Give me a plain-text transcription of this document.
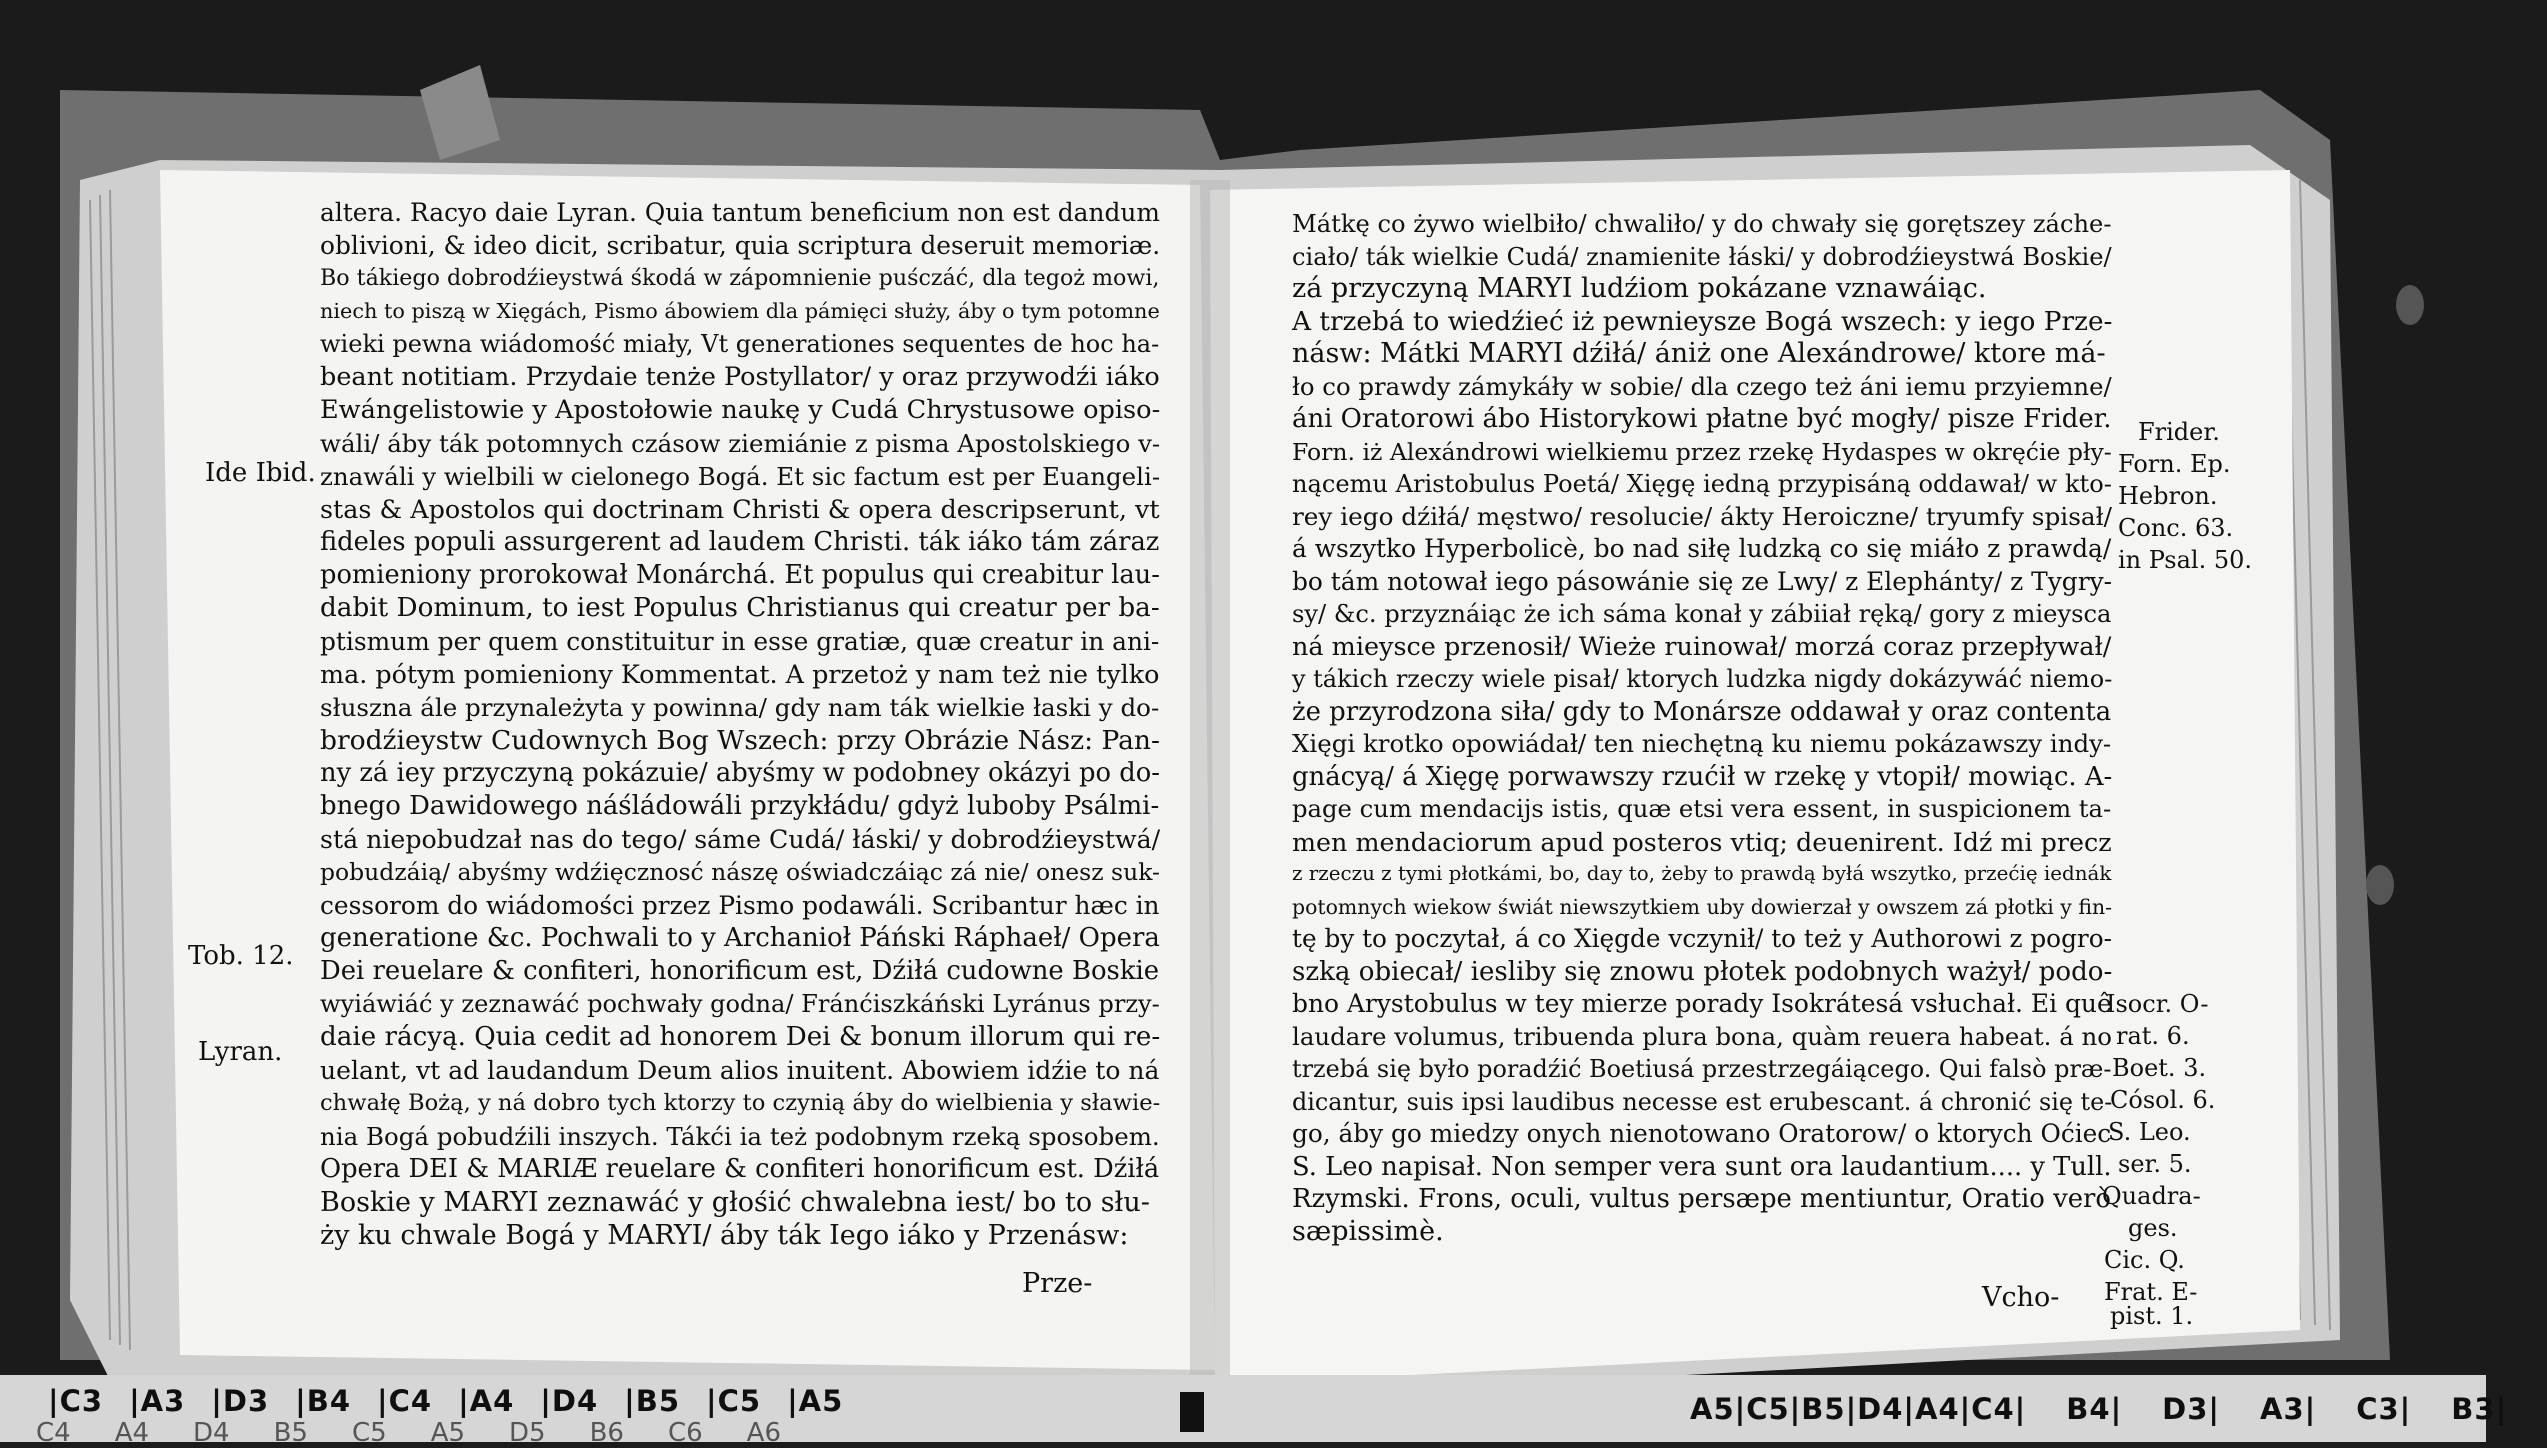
altera. Racyo daie Lyran. Quia tantum beneficium non est dandum
oblivioni, & ideo dicit, scribatur, quia scriptura deseruit memoriæ.
Bo tákiego dobrodźieystwá śkodá w zápomnienie puśczáć, dla tegoż mowi,
niech to piszą w Xięgách, Pismo ábowiem dla pámięci służy, áby o tym potomne
wieki pewna wiádomość miały, Vt generationes sequentes de hoc ha-
beant notitiam. Przydaie tenże Postyllator/ y oraz przywodźi iáko
Ewángelistowie y Apostołowie naukę y Cudá Chrystusowe opiso-
wáli/ áby ták potomnych czásow ziemiánie z pisma Apostolskiego v-
znawáli y wielbili w cielonego Bogá. Et sic factum est per Euangeli-
stas & Apostolos qui doctrinam Christi & opera descripserunt, vt
fideles populi assurgerent ad laudem Christi. ták iáko tám záraz
pomieniony prorokował Monárchá. Et populus qui creabitur lau-
dabit Dominum, to iest Populus Christianus qui creatur per ba-
ptismum per quem constituitur in esse gratiæ, quæ creatur in ani-
ma. pótym pomieniony Kommentat. A przetoż y nam też nie tylko
słuszna ále przynależyta y powinna/ gdy nam ták wielkie łaski y do-
brodźieystw Cudownych Bog Wszech: przy Obrázie Nász: Pan-
ny zá iey przyczyną pokázuie/ abyśmy w podobney okázyi po do-
bnego Dawidowego náśládowáli przykłádu/ gdyż luboby Psálmi-
stá niepobudzał nas do tego/ sáme Cudá/ łáski/ y dobrodźieystwá/
pobudzáią/ abyśmy wdźięcznosć nászę oświadczáiąc zá nie/ onesz suk-
cessorom do wiádomości przez Pismo podawáli. Scribantur hæc in
generatione &c. Pochwali to y Archanioł Páński Ráphaeł/ Opera
Dei reuelare & confiteri, honorificum est, Dźiłá cudowne Boskie
wyiáwiáć y zeznawáć pochwały godna/ Fránćiszkáński Lyránus przy-
daie rácyą. Quia cedit ad honorem Dei & bonum illorum qui re-
uelant, vt ad laudandum Deum alios inuitent. Abowiem idźie to ná
chwałę Bożą, y ná dobro tych ktorzy to czynią áby do wielbienia y sławie-
nia Bogá pobudźili inszych. Tákći ia też podobnym rzeką sposobem.
Opera DEI & MARIÆ reuelare & confiteri honorificum est. Dźiłá
Boskie y MARYI zeznawáć y głośić chwalebna iest/ bo to słu-
ży ku chwale Bogá y MARYI/ áby ták Iego iáko y Przenásw:
Ide Ibid.
Tob. 12.
Lyran.
Prze-
Mátkę co żywo wielbiło/ chwaliło/ y do chwały się gorętszey záche-
ciało/ ták wielkie Cudá/ znamienite łáski/ y dobrodźieystwá Boskie/
zá przyczyną MARYI ludźiom pokázane vznawáiąc.
A trzebá to wiedźieć iż pewnieysze Bogá wszech: y iego Prze-
násw: Mátki MARYI dźiłá/ ániż one Alexándrowe/ ktore má-
ło co prawdy zámykáły w sobie/ dla czego też áni iemu przyiemne/
áni Oratorowi ábo Historykowi płatne być mogły/ pisze Frider.
Forn. iż Alexándrowi wielkiemu przez rzekę Hydaspes w okręćie pły-
nącemu Aristobulus Poetá/ Xięgę iedną przypisáną oddawał/ w kto-
rey iego dźiłá/ męstwo/ resolucie/ ákty Heroiczne/ tryumfy spisał/
á wszytko Hyperbolicè, bo nad siłę ludzką co się miáło z prawdą/
bo tám notował iego pásowánie się ze Lwy/ z Elephánty/ z Tygry-
sy/ &c. przyznáiąc że ich sáma konał y zábiiał ręką/ gory z mieysca
ná mieysce przenosił/ Wieże ruinował/ morzá coraz przepływał/
y tákich rzeczy wiele pisał/ ktorych ludzka nigdy dokázywáć niemo-
że przyrodzona siła/ gdy to Monársze oddawał y oraz contenta
Xięgi krotko opowiádał/ ten niechętną ku niemu pokázawszy indy-
gnácyą/ á Xięgę porwawszy rzućił w rzekę y vtopił/ mowiąc. A-
page cum mendacijs istis, quæ etsi vera essent, in suspicionem ta-
men mendaciorum apud posteros vtiq; deuenirent. Idź mi precz
z rzeczu z tymi płotkámi, bo, day to, żeby to prawdą byłá wszytko, przećię iednák
potomnych wiekow świát niewszytkiem uby dowierzał y owszem zá płotki y fin-
tę by to poczytał, á co Xięgde vczynił/ to też y Authorowi z pogro-
szką obiecał/ iesliby się znowu płotek podobnych ważył/ podo-
bno Arystobulus w tey mierze porady Isokrátesá vsłuchał. Ei quê
laudare volumus, tribuenda plura bona, quàm reuera habeat. á no
trzebá się było poradźić Boetiusá przestrzegáiącego. Qui falsò præ-
dicantur, suis ipsi laudibus necesse est erubescant. á chronić się te-
go, áby go miedzy onych nienotowano Oratorow/ o ktorych Oćiec
S. Leo napisał. Non semper vera sunt ora laudantium.... y Tull.
Rzymski. Frons, oculi, vultus persæpe mentiuntur, Oratio verò
sæpissimè.
Frider.
Forn. Ep.
Hebron.
Conc. 63.
in Psal. 50.
Isocr. O-
rat. 6.
Boet. 3.
Cósol. 6.
S. Leo.
ser. 5.
Quadra-
ges.
Cic. Q.
Frat. E-
pist. 1.
Vcho-
|C3 |A3 |D3 |B4 |C4 |A4 |D4 |B5 |C5 |A5
C4 A4 D4 B5 C5 A5 D5 B6 C6 A6
A5|C5|B5|D4|A4|C4| B4| D3| A3| C3| B3|
